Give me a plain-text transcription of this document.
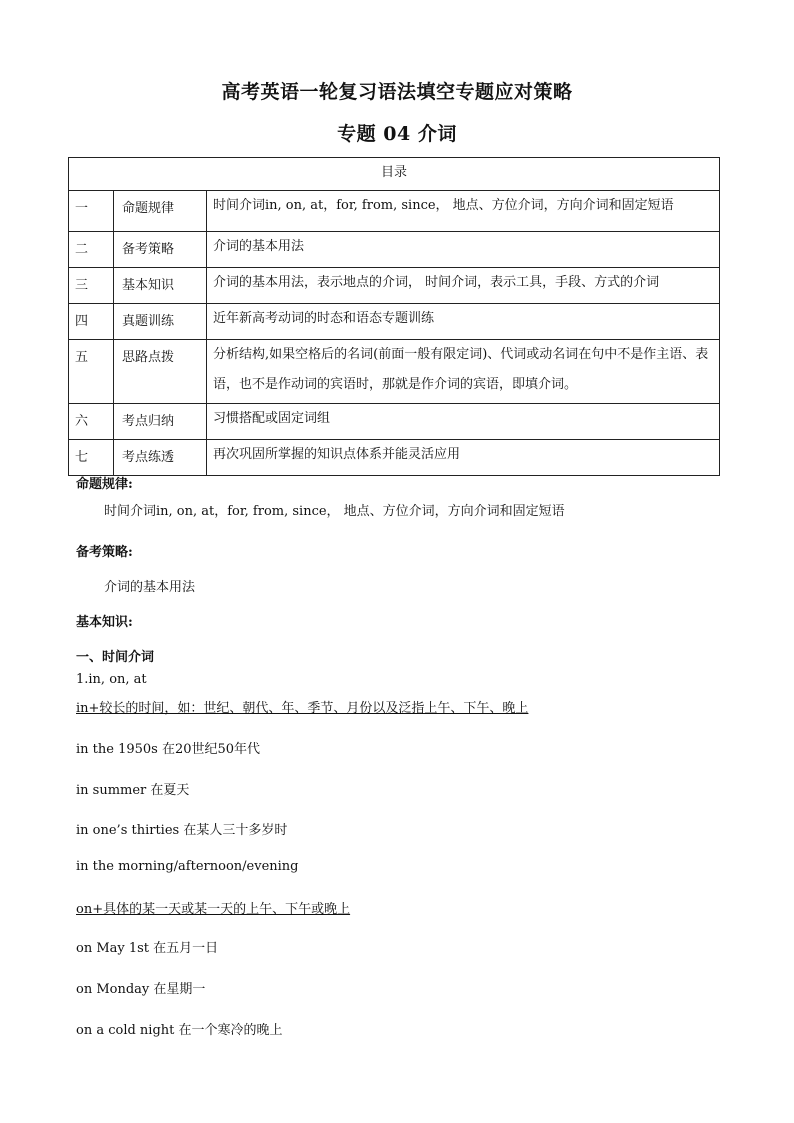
高考英语一轮复习语法填空专题应对策略
专题 04 介词
目录		
一	命题规律	时间介词in, on, at，for, from, since， 地点、方位介词，方向介词和固定短语
二	备考策略	介词的基本用法
三	基本知识	介词的基本用法，表示地点的介词， 时间介词，表示工具，手段、方式的介词
四	真题训练	近年新高考动词的时态和语态专题训练
五	思路点拨	分析结构,如果空格后的名词(前面一般有限定词)、代词或动名词在句中不是作主语、表语，也不是作动词的宾语时，那就是作介词的宾语，即填介词。
六	考点归纳	习惯搭配或固定词组
七	考点练透	再次巩固所掌握的知识点体系并能灵活应用
命题规律:
时间介词in, on, at，for, from, since， 地点、方位介词，方向介词和固定短语
备考策略:
介词的基本用法
基本知识:
一、时间介词
1.in, on, at
in+较长的时间，如：世纪、朝代、年、季节、月份以及泛指上午、下午、晚上
in the 1950s 在20世纪50年代
in summer 在夏天
in one’s thirties 在某人三十多岁时
in the morning/afternoon/evening
on+具体的某一天或某一天的上午、下午或晚上
on May 1st 在五月一日
on Monday 在星期一
on a cold night 在一个寒冷的晚上
